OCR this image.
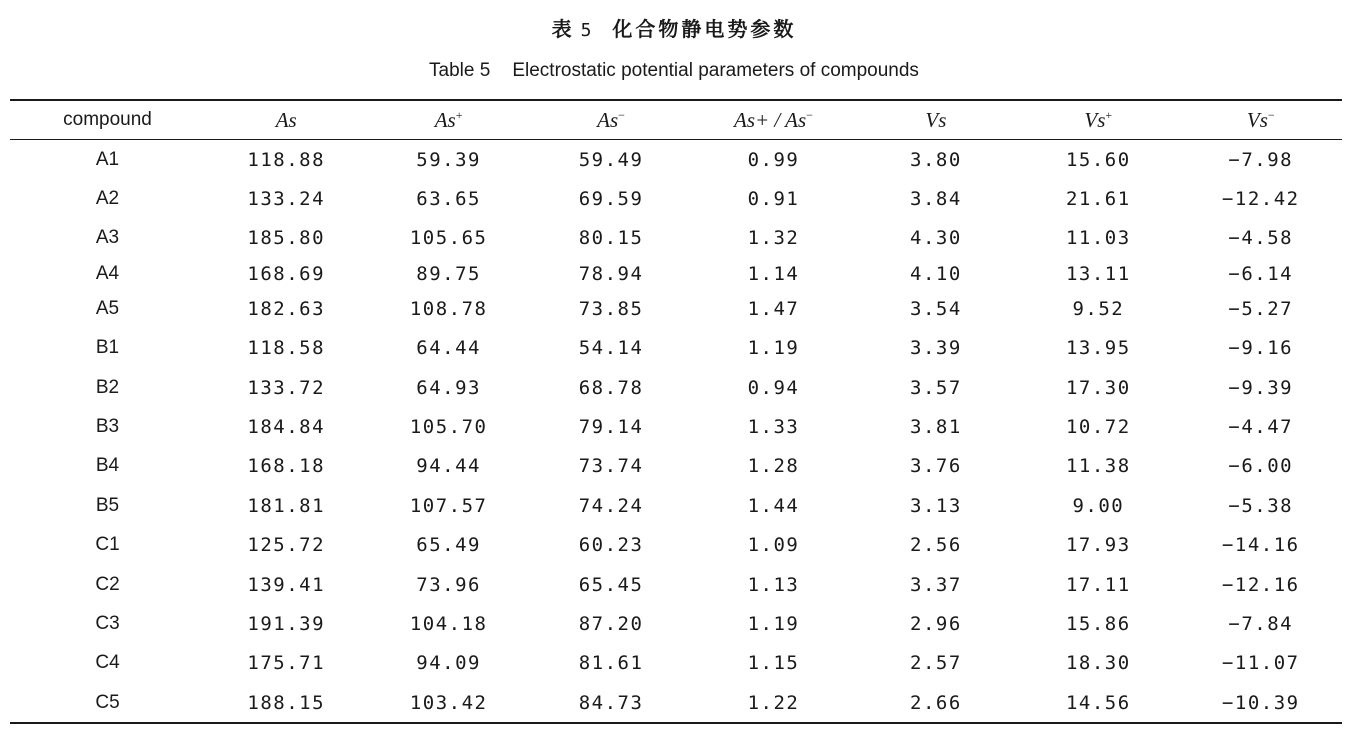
表 5 化合物静电势参数
Table 5 Electrostatic potential parameters of compounds
compound	As	As+	As−	As+ / As−	Vs	Vs+	Vs−
A1	118.88	59.39	59.49	0.99	3.80	15.60	−7.98
A2	133.24	63.65	69.59	0.91	3.84	21.61	−12.42
A3	185.80	105.65	80.15	1.32	4.30	11.03	−4.58
A4	168.69	89.75	78.94	1.14	4.10	13.11	−6.14
A5	182.63	108.78	73.85	1.47	3.54	9.52	−5.27
B1	118.58	64.44	54.14	1.19	3.39	13.95	−9.16
B2	133.72	64.93	68.78	0.94	3.57	17.30	−9.39
B3	184.84	105.70	79.14	1.33	3.81	10.72	−4.47
B4	168.18	94.44	73.74	1.28	3.76	11.38	−6.00
B5	181.81	107.57	74.24	1.44	3.13	9.00	−5.38
C1	125.72	65.49	60.23	1.09	2.56	17.93	−14.16
C2	139.41	73.96	65.45	1.13	3.37	17.11	−12.16
C3	191.39	104.18	87.20	1.19	2.96	15.86	−7.84
C4	175.71	94.09	81.61	1.15	2.57	18.30	−11.07
C5	188.15	103.42	84.73	1.22	2.66	14.56	−10.39
